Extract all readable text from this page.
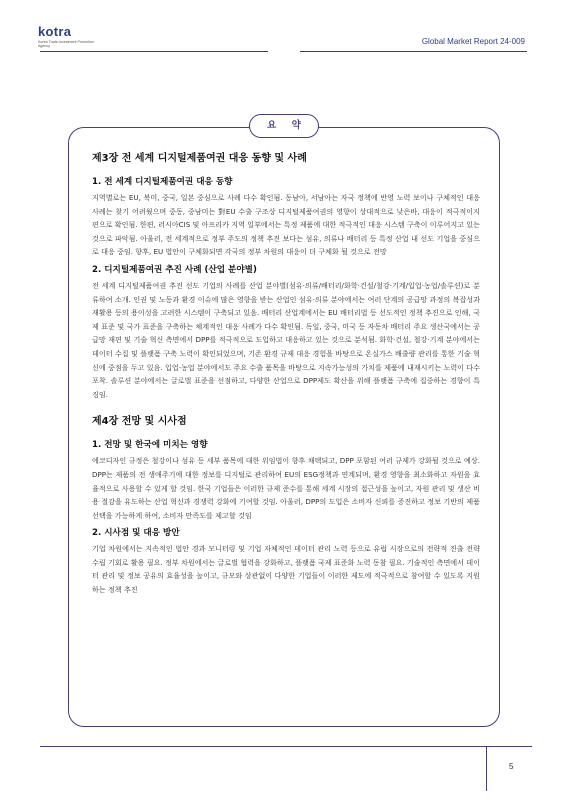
kotra
Korea Trade-Investment Promotion Agency
Global Market Report 24-009
요 약
제3장 전 세계 디지털제품여권 대응 동향 및 사례
1. 전 세계 디지털제품여권 대응 동향
지역별로는 EU, 북미, 중국, 일본 중심으로 사례 다수 확인됨. 동남아, 서남아는 자국 정책에 반영 노력 보이나 구체적인 대응 사례는 찾기 어려웠으며 중동, 중남미는 對EU 수출 구조상 디지털제품여권의 영향이 상대적으로 낮은바, 대응이 적극적이지 편으로 확인됨. 한편, 러시아CIS 및 아프리카 지역 일부에서는 특정 제품에 대한 적극적인 대응 시스템 구축이 이루어지고 있는 것으로 파악됨. 아울러, 전 세계적으로 정부 주도의 정책 추진 보다는 섬유, 의류나 배터리 등 특정 산업 내 선도 기업을 중심으로 대응 중임. 향후, EU 법안이 구체화되면 각국의 정부 차원의 대응이 더 구체화 될 것으로 전망
2. 디지털제품여권 추진 사례 (산업 분야별)
전 세계 디지털제품여권 추진 선도 기업의 사례를 산업 분야별(섬유·의류/배터리/화학·건설/철강·기계/입업·농업/솔루션)로 분류하여 소개. 인권 및 노동과 환경 이슈에 많은 영향을 받는 산업인 섬유·의류 분야에서는 여러 단계의 공급망 과정의 복잡성과 재활용 등의 용이성을 고려한 시스템이 구축되고 있음. 배터리 산업계에서는 EU 배터리법 등 선도적인 정책 추진으로 인해, 국제 표준 및 국가 표준을 구축하는 체계적인 대응 사례가 다수 확인됨. 독일, 중국, 미국 등 자동차 배터리 주요 생산국에서는 공급망 재편 및 기술 혁신 측면에서 DPP를 적극적으로 도입하고 대응하고 있는 것으로 분석됨. 화학·건설, 철강·기계 분야에서는 데이터 수집 및 플랫폼 구축 노력이 확인되었으며, 기존 환경 규제 대응 경험을 바탕으로 온실가스 배출량 관리를 통한 기술 혁신에 중점을 두고 있음. 입업·농업 분야에서도 주요 수출 품목을 바탕으로 지속가능성의 가치를 제품에 내재시키는 노력이 다수 포착. 솔루션 분야에서는 글로벌 표준을 선점하고, 다양한 산업으로 DPP제도 확산을 위해 플랫폼 구축에 집중하는 경향이 특징임.
제4장 전망 및 시사점
1. 전망 및 한국에 미치는 영향
에코디자인 규정은 철강이나 섬유 등 세부 품목에 대한 위임법이 향후 채택되고, DPP 포함된 여러 규제가 강화될 것으로 예상. DPP는 제품의 전 생애주기에 대한 정보를 디지털로 관리하여 EU의 ESG정책과 연계되며, 환경 영향을 최소화하고 자원을 효율적으로 사용할 수 있게 할 것임. 한국 기업들은 이러한 규제 준수를 통해 세계 시장의 접근성을 높이고, 자원 관리 및 생산 비용 절감을 유도하는 산업 혁신과 경쟁력 강화에 기여할 것임. 아울러, DPP의 도입은 소비자 신뢰를 증진하고 정보 기반의 제품 선택을 가능하게 하여, 소비자 만족도를 제고할 것임
2. 시사점 및 대응 방안
기업 차원에서는 지속적인 법안 경과 모니터링 및 기업 자체적인 데이터 관리 노력 등으로 유럽 시장으로의 전략적 진출 전략 수립 기회로 활용 필요. 정부 차원에서는 글로벌 협력을 강화하고, 플랫폼 국제 표준화 노력 동참 필요. 기술적인 측면에서 데이터 관리 및 정보 공유의 효율성을 높이고, 규모와 상관없이 다양한 기업들이 이러한 제도에 적극적으로 참여할 수 있도록 지원하는 정책 추진
5
